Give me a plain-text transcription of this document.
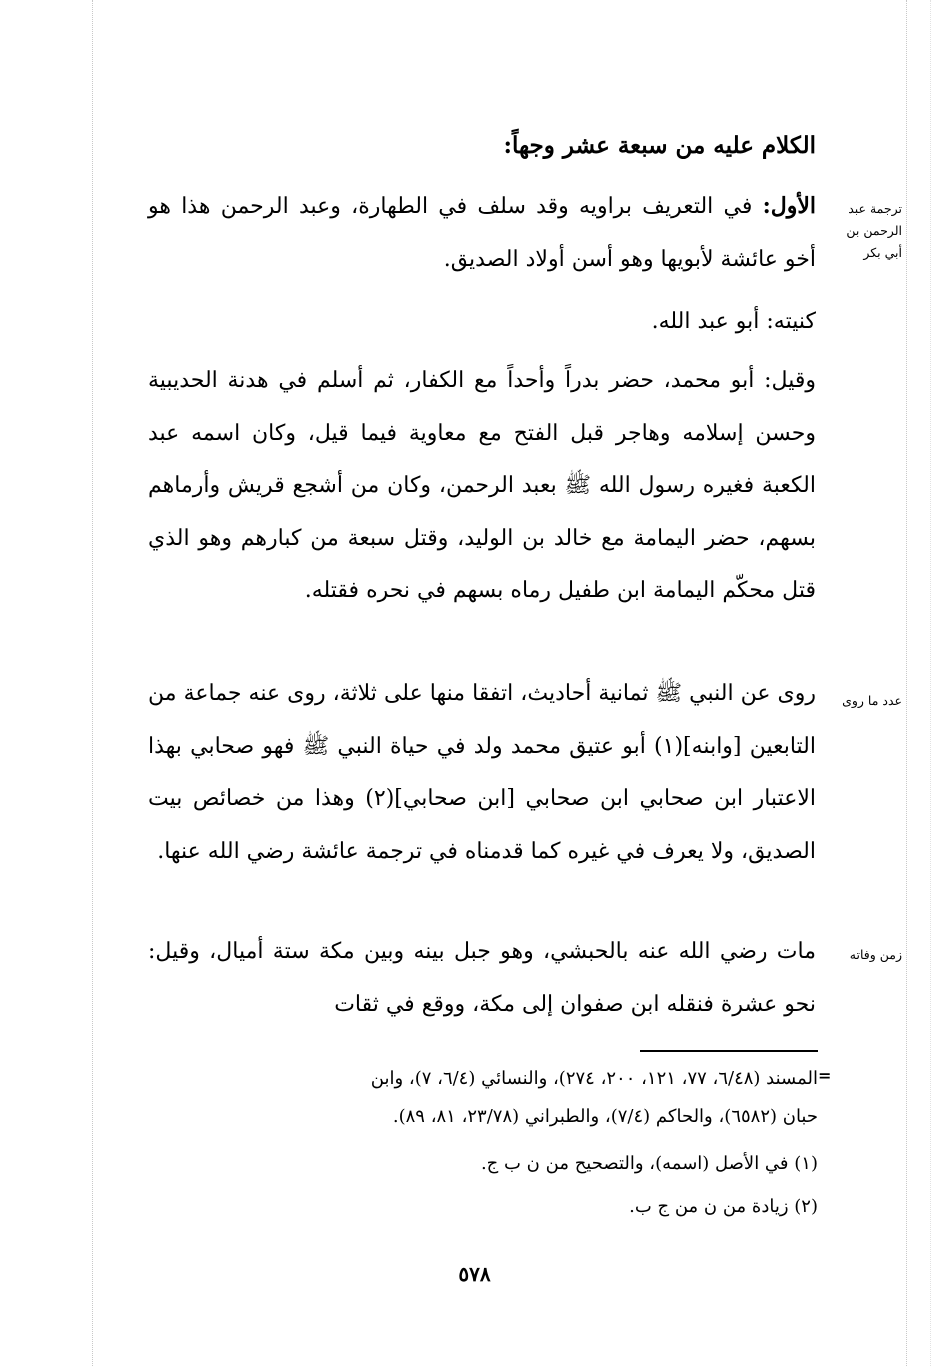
الكلام عليه من سبعة عشر وجهاً:
ترجمة عبد الرحمن بن أبي بكر
عدد ما روى
زمن وفاته
الأول: في التعريف براويه وقد سلف في الطهارة، وعبد الرحمن هذا هو أخو عائشة لأبويها وهو أسن أولاد الصديق.
كنيته: أبو عبد الله.
وقيل: أبو محمد، حضر بدراً وأحداً مع الكفار، ثم أسلم في هدنة الحديبية وحسن إسلامه وهاجر قبل الفتح مع معاوية فيما قيل، وكان اسمه عبد الكعبة فغيره رسول الله ﷺ بعبد الرحمن، وكان من أشجع قريش وأرماهم بسهم، حضر اليمامة مع خالد بن الوليد، وقتل سبعة من كبارهم وهو الذي قتل محكّم اليمامة ابن طفيل رماه بسهم في نحره فقتله.
روى عن النبي ﷺ ثمانية أحاديث، اتفقا منها على ثلاثة، روى عنه جماعة من التابعين [وابنه](١) أبو عتيق محمد ولد في حياة النبي ﷺ فهو صحابي بهذا الاعتبار ابن صحابي ابن صحابي [ابن صحابي](٢) وهذا من خصائص بيت الصديق، ولا يعرف في غيره كما قدمناه في ترجمة عائشة رضي الله عنها.
مات رضي الله عنه بالحبشي، وهو جبل بينه وبين مكة ستة أميال، وقيل: نحو عشرة فنقله ابن صفوان إلى مكة، ووقع في ثقات
=
المسند (٦/٤٨، ٧٧، ١٢١، ٢٠٠، ٢٧٤)، والنسائي (٦/٤، ٧)، وابن
حبان (٦٥٨٢)، والحاكم (٧/٤)، والطبراني (٢٣/٧٨، ٨١، ٨٩).
(١) في الأصل (اسمه)، والتصحيح من ن ب ج.
(٢) زيادة من ن من ج ب.
٥٧٨
